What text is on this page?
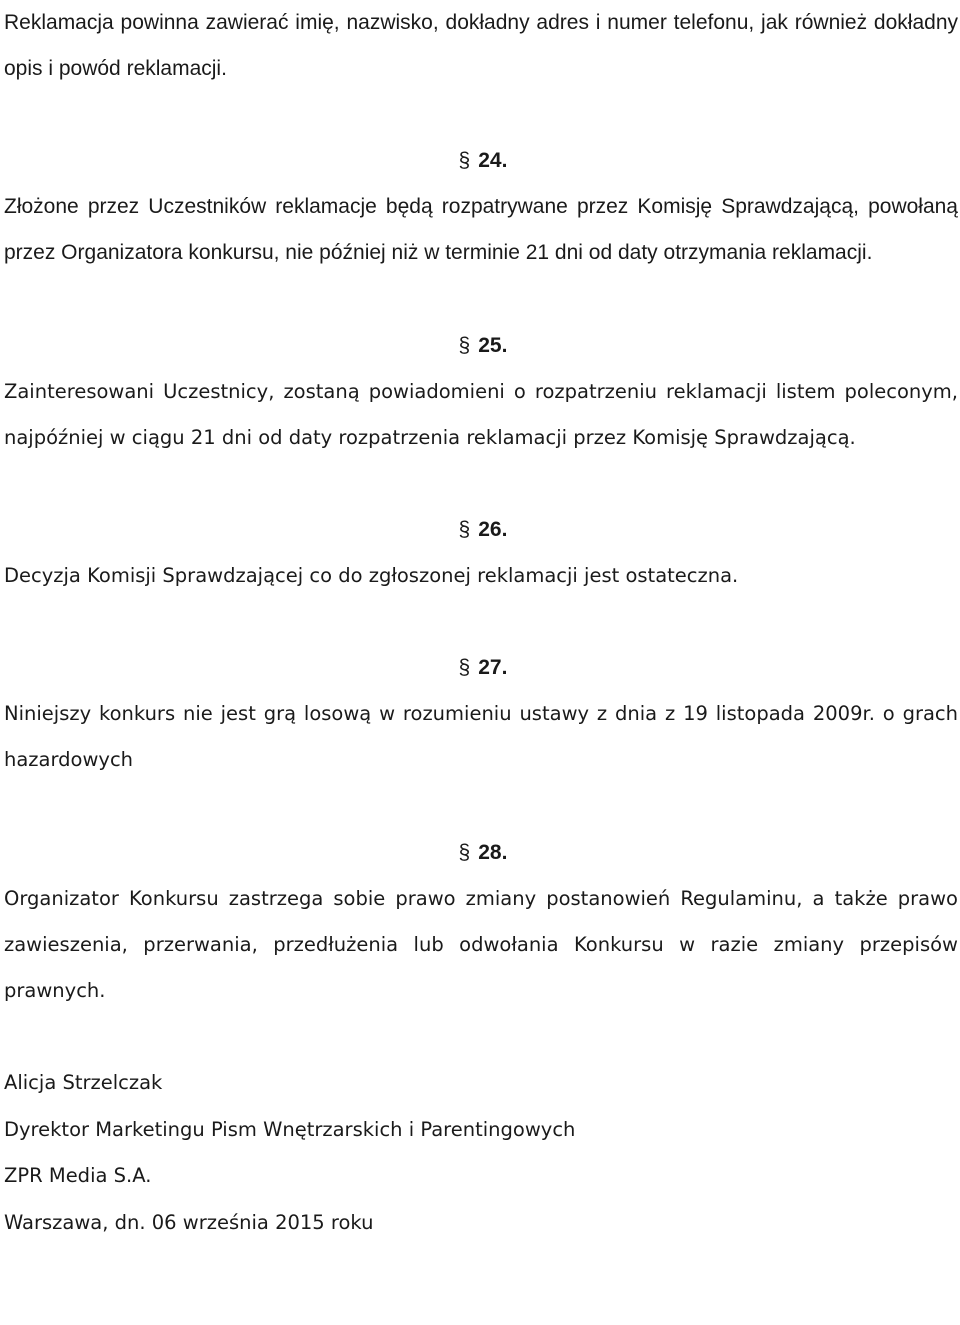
Reklamacja powinna zawierać imię, nazwisko, dokładny adres i numer telefonu, jak również dokładny opis i powód reklamacji.

§ 24.

Złożone przez Uczestników reklamacje będą rozpatrywane przez Komisję Sprawdzającą, powołaną przez Organizatora konkursu, nie później niż w terminie 21 dni od daty otrzymania reklamacji.

§ 25.

Zainteresowani Uczestnicy, zostaną powiadomieni o rozpatrzeniu reklamacji listem poleconym, najpóźniej w ciągu 21 dni od daty rozpatrzenia reklamacji przez Komisję Sprawdzającą.

§ 26.

Decyzja Komisji Sprawdzającej co do zgłoszonej reklamacji jest ostateczna.

§ 27.

Niniejszy konkurs nie jest grą losową w rozumieniu ustawy z dnia z 19 listopada 2009r. o grach hazardowych

§ 28.

Organizator Konkursu zastrzega sobie prawo zmiany postanowień Regulaminu, a także prawo zawieszenia, przerwania, przedłużenia lub odwołania Konkursu w razie zmiany przepisów prawnych.

Alicja Strzelczak

Dyrektor Marketingu Pism Wnętrzarskich i Parentingowych

ZPR Media S.A.

Warszawa, dn. 06 września 2015 roku
